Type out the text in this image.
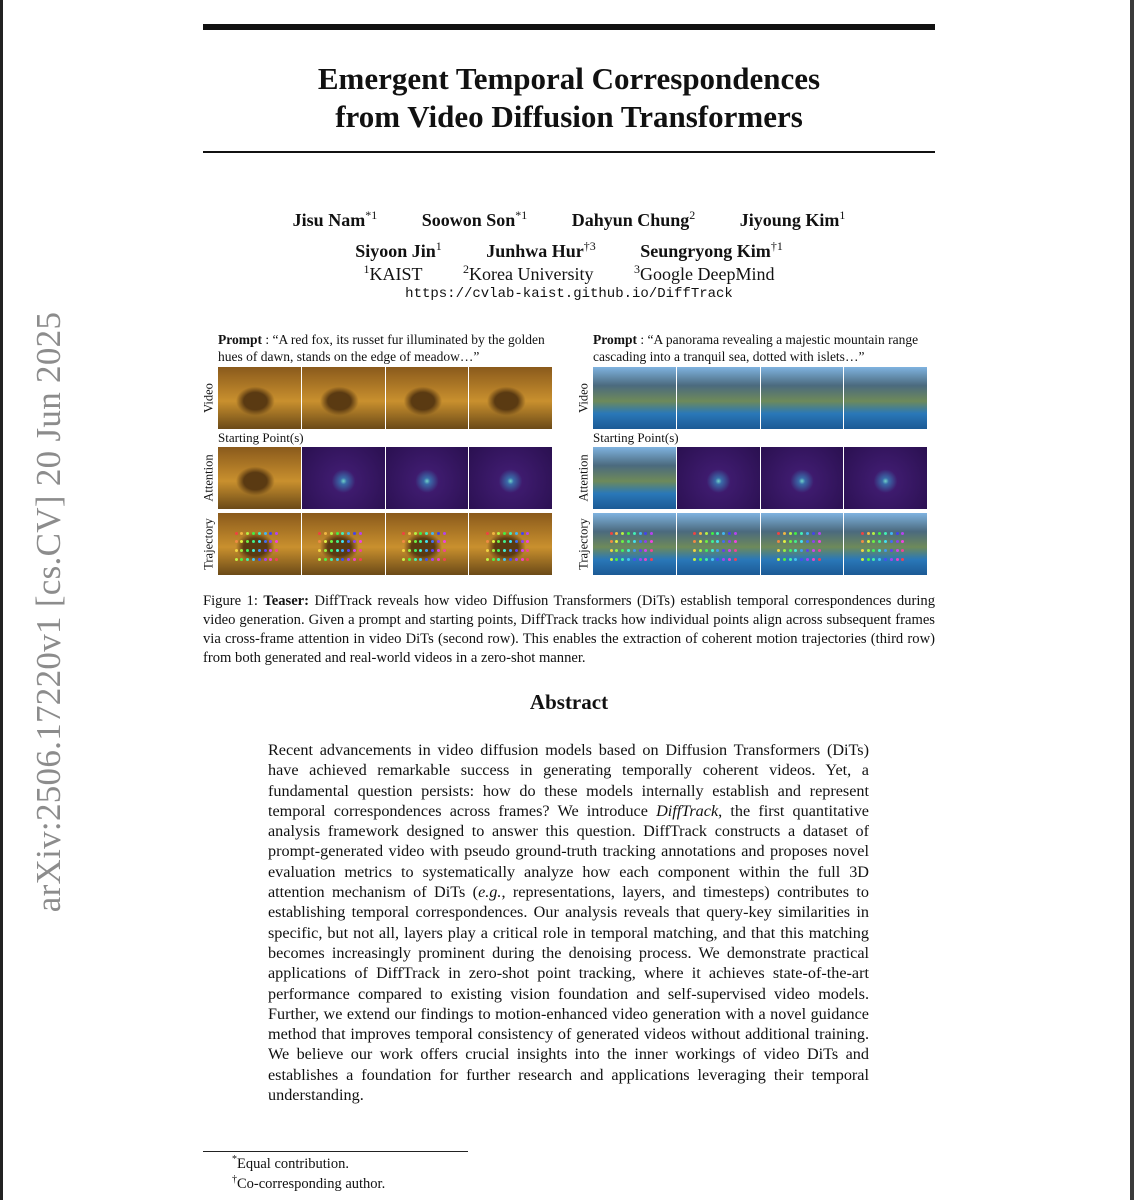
arXiv:2506.17220v1 [cs.CV] 20 Jun 2025
Emergent Temporal Correspondences
from Video Diffusion Transformers
Jisu Nam$^{*1}$ Soowon Son$^{*1}$ Dahyun Chung$^2$ Jiyoung Kim$^1$
Siyoon Jin$^1$ Junhwa Hur$^{\dagger 3}$ Seungryong Kim$^{\dagger 1}$
$^1$KAIST	$^2$Korea University	$^3$Google DeepMind
https://cvlab-kaist.github.io/DiffTrack
Prompt : “A red fox, its russet fur illuminated by the golden hues of dawn, stands on the edge of meadow…”
Video
Starting Point(s)
Attention
Trajectory
Prompt : “A panorama revealing a majestic mountain range cascading into a tranquil sea, dotted with islets…”
Video
Starting Point(s)
Attention
Trajectory
Figure 1: Teaser: DiffTrack reveals how video Diffusion Transformers (DiTs) establish temporal correspondences during video generation. Given a prompt and starting points, DiffTrack tracks how individual points align across subsequent frames via cross-frame attention in video DiTs (second row). This enables the extraction of coherent motion trajectories (third row) from both generated and real-world videos in a zero-shot manner.
Abstract
Recent advancements in video diffusion models based on Diffusion Transformers (DiTs) have achieved remarkable success in generating temporally coherent videos. Yet, a fundamental question persists: how do these models internally establish and represent temporal correspondences across frames? We introduce DiffTrack, the first quantitative analysis framework designed to answer this question. DiffTrack constructs a dataset of prompt-generated video with pseudo ground-truth tracking annotations and proposes novel evaluation metrics to systematically analyze how each component within the full 3D attention mechanism of DiTs (e.g., representations, layers, and timesteps) contributes to establishing temporal correspondences. Our analysis reveals that query-key similarities in specific, but not all, layers play a critical role in temporal matching, and that this matching becomes increasingly prominent during the denoising process. We demonstrate practical applications of DiffTrack in zero-shot point tracking, where it achieves state-of-the-art performance compared to existing vision foundation and self-supervised video models. Further, we extend our findings to motion-enhanced video generation with a novel guidance method that improves temporal consistency of generated videos without additional training. We believe our work offers crucial insights into the inner workings of video DiTs and establishes a foundation for further research and applications leveraging their temporal understanding.
*Equal contribution.
†Co-corresponding author.
